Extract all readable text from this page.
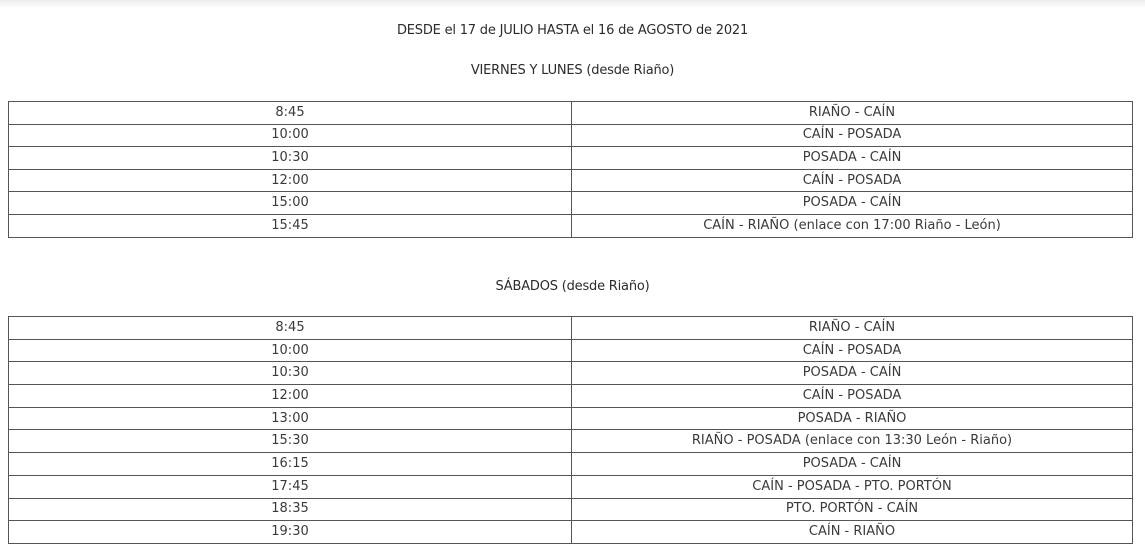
DESDE el 17 de JULIO HASTA el 16 de AGOSTO de 2021
VIERNES Y LUNES (desde Riaño)
8:45	RIAÑO - CAÍN
10:00	CAÍN - POSADA
10:30	POSADA - CAÍN
12:00	CAÍN - POSADA
15:00	POSADA - CAÍN
15:45	CAÍN - RIAÑO (enlace con 17:00 Riaño - León)
SÁBADOS (desde Riaño)
8:45	RIAÑO - CAÍN
10:00	CAÍN - POSADA
10:30	POSADA - CAÍN
12:00	CAÍN - POSADA
13:00	POSADA - RIAÑO
15:30	RIAÑO - POSADA (enlace con 13:30 León - Riaño)
16:15	POSADA - CAÍN
17:45	CAÍN - POSADA - PTO. PORTÓN
18:35	PTO. PORTÓN - CAÍN
19:30	CAÍN - RIAÑO
